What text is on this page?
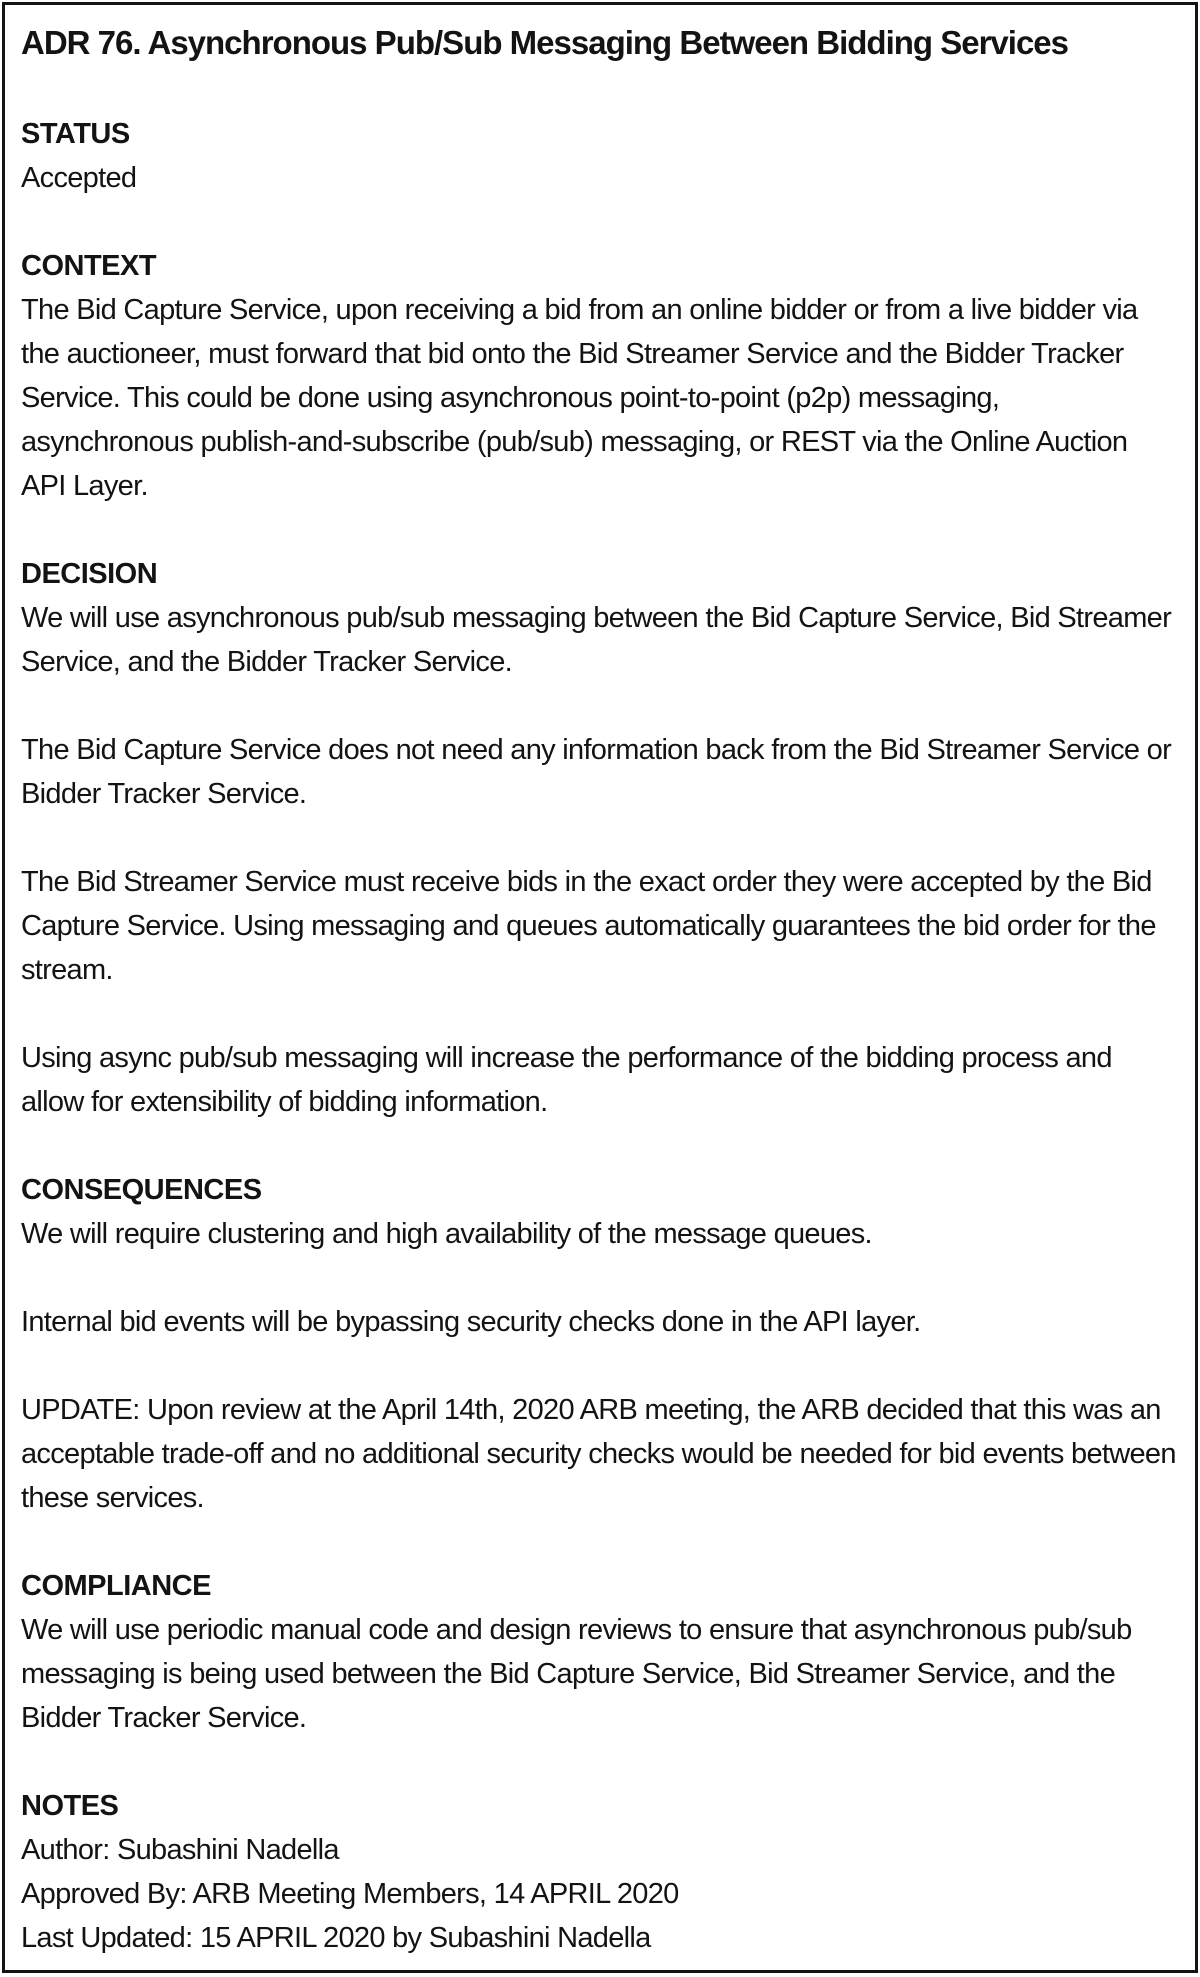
ADR 76. Asynchronous Pub/Sub Messaging Between Bidding Services
STATUS

Accepted

CONTEXT

The Bid Capture Service, upon receiving a bid from an online bidder or from a live bidder via the auctioneer, must forward that bid onto the Bid Streamer Service and the Bidder Tracker Service. This could be done using asynchronous point-to-point (p2p) messaging, asynchronous publish-and-subscribe (pub/sub) messaging, or REST via the Online Auction API Layer.

DECISION

We will use asynchronous pub/sub messaging between the Bid Capture Service, Bid Streamer Service, and the Bidder Tracker Service.

The Bid Capture Service does not need any information back from the Bid Streamer Service or Bidder Tracker Service.

The Bid Streamer Service must receive bids in the exact order they were accepted by the Bid Capture Service. Using messaging and queues automatically guarantees the bid order for the stream.

Using async pub/sub messaging will increase the performance of the bidding process and allow for extensibility of bidding information.

CONSEQUENCES

We will require clustering and high availability of the message queues.

Internal bid events will be bypassing security checks done in the API layer.

UPDATE: Upon review at the April 14th, 2020 ARB meeting, the ARB decided that this was an acceptable trade-off and no additional security checks would be needed for bid events between these services.

COMPLIANCE

We will use periodic manual code and design reviews to ensure that asynchronous pub/sub messaging is being used between the Bid Capture Service, Bid Streamer Service, and the Bidder Tracker Service.

NOTES

Author: Subashini Nadella

Approved By: ARB Meeting Members, 14 APRIL 2020

Last Updated: 15 APRIL 2020 by Subashini Nadella
